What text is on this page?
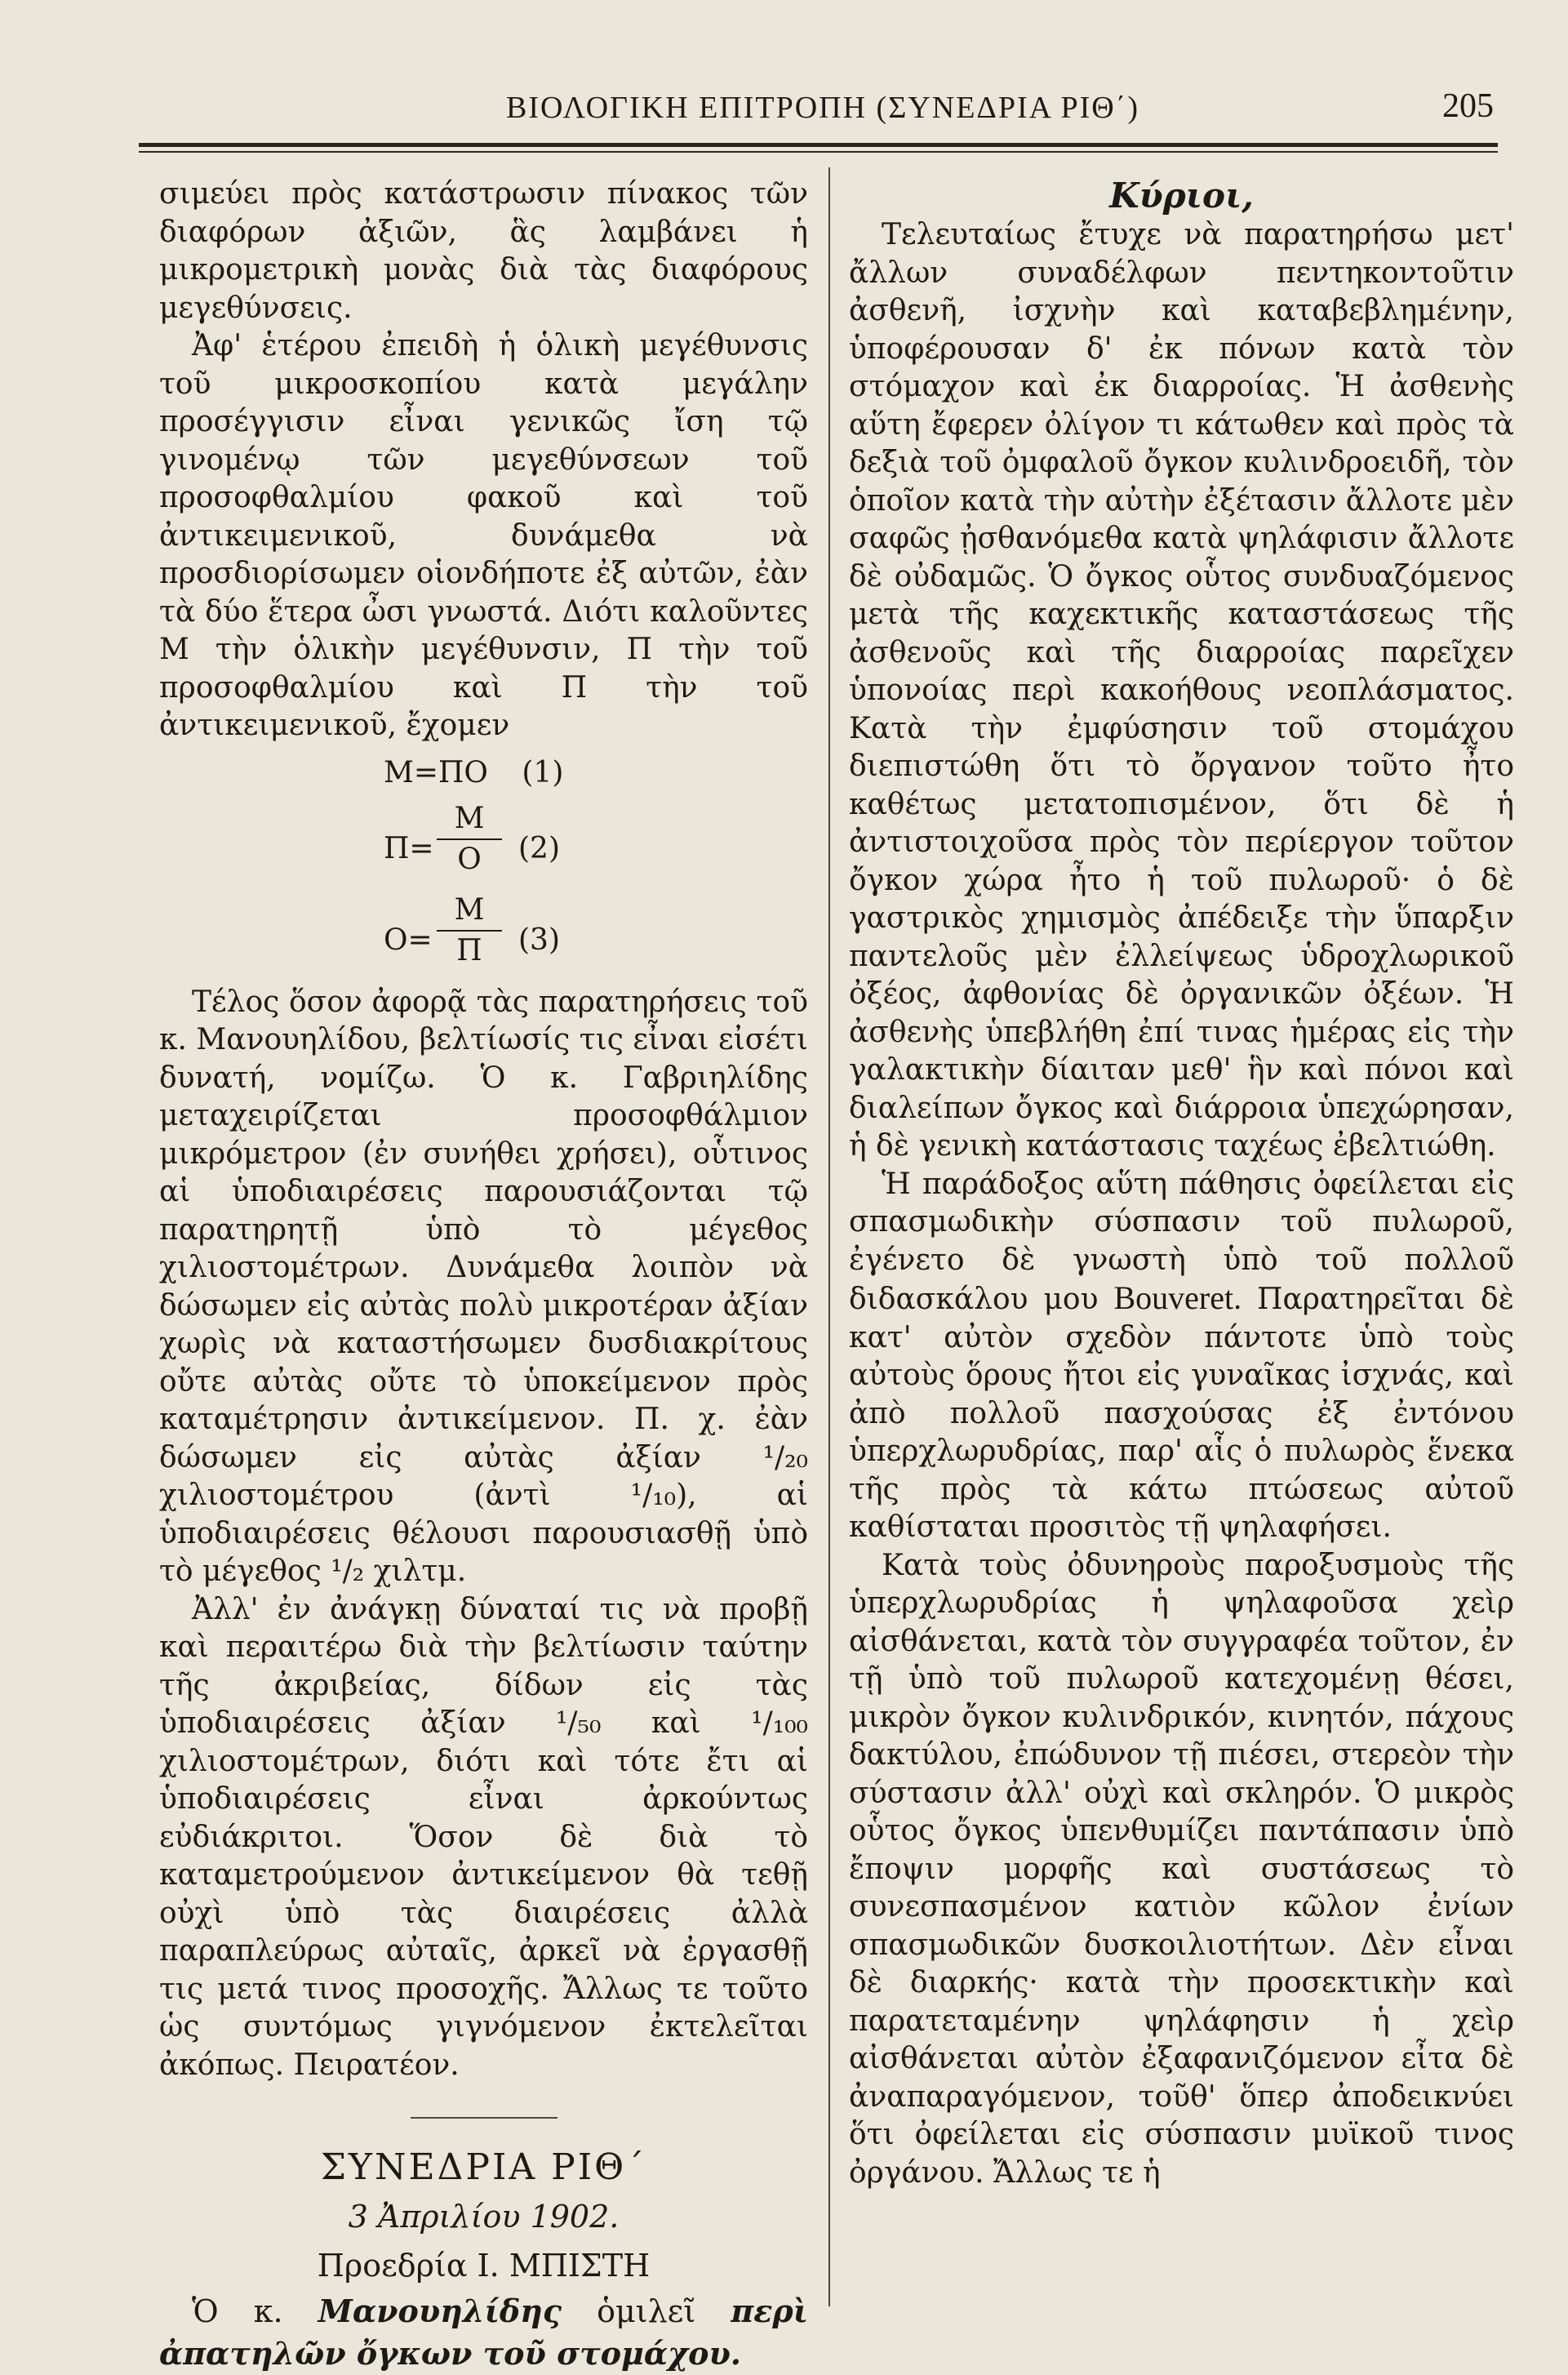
ΒΙΟΛΟΓΙΚΗ ΕΠΙΤΡΟΠΗ (ΣΥΝΕΔΡΙΑ ΡΙΘ΄)	205

σιμεύει πρὸς κατάστρωσιν πίνακος τῶν διαφόρων ἀξιῶν, ἃς λαμβάνει ἡ μικρομετρικὴ μονὰς διὰ τὰς διαφόρους μεγεθύνσεις.

Ἀφ' ἑτέρου ἐπειδὴ ἡ ὁλικὴ μεγέθυνσις τοῦ μικροσκοπίου κατὰ μεγάλην προσέγγισιν εἶναι γενικῶς ἴση τῷ γινομένῳ τῶν μεγεθύνσεων τοῦ προσοφθαλμίου φακοῦ καὶ τοῦ ἀντικειμενικοῦ, δυνάμεθα νὰ προσδιορίσωμεν οἱονδήποτε ἐξ αὐτῶν, ἐὰν τὰ δύο ἕτερα ὦσι γνωστά. Διότι καλοῦντες Μ τὴν ὁλικὴν μεγέθυνσιν, Π τὴν τοῦ προσοφθαλμίου καὶ Π τὴν τοῦ ἀντικειμενικοῦ, ἔχομεν

Μ=ΠΟ (1)
Π=
Μ
Ο	(2)
Ο=
Μ
Π	(3)

Τέλος ὅσον ἀφορᾷ τὰς παρατηρήσεις τοῦ κ. Μανουηλίδου, βελτίωσίς τις εἶναι εἰσέτι δυνατή, νομίζω. Ὁ κ. Γαβριηλίδης μεταχειρίζεται προσοφθάλμιον μικρόμετρον (ἐν συνήθει χρήσει), οὗτινος αἱ ὑποδιαιρέσεις παρουσιάζονται τῷ παρατηρητῇ ὑπὸ τὸ μέγεθος χιλιοστομέτρων. Δυνάμεθα λοιπὸν νὰ δώσωμεν εἰς αὐτὰς πολὺ μικροτέραν ἀξίαν χωρὶς νὰ καταστήσωμεν δυσδιακρίτους οὔτε αὐτὰς οὔτε τὸ ὑποκείμενον πρὸς καταμέτρησιν ἀντικείμενον. Π. χ. ἐὰν δώσωμεν εἰς αὐτὰς ἀξίαν ¹/₂₀ χιλιοστομέτρου (ἀντὶ ¹/₁₀), αἱ ὑποδιαιρέσεις θέλουσι παρουσιασθῇ ὑπὸ τὸ μέγεθος ¹/₂ χιλτμ.

Ἀλλ' ἐν ἀνάγκῃ δύναταί τις νὰ προβῇ καὶ περαιτέρω διὰ τὴν βελτίωσιν ταύτην τῆς ἀκριβείας, δίδων εἰς τὰς ὑποδιαιρέσεις ἀξίαν ¹/₅₀ καὶ ¹/₁₀₀ χιλιοστομέτρων, διότι καὶ τότε ἔτι αἱ ὑποδιαιρέσεις εἶναι ἀρκούντως εὐδιάκριτοι. Ὅσον δὲ διὰ τὸ καταμετρούμενον ἀντικείμενον θὰ τεθῇ οὐχὶ ὑπὸ τὰς διαιρέσεις ἀλλὰ παραπλεύρως αὐταῖς, ἀρκεῖ νὰ ἐργασθῇ τις μετά τινος προσοχῆς. Ἄλλως τε τοῦτο ὡς συντόμως γιγνόμενον ἐκτελεῖται ἀκόπως. Πειρατέον.

ΣΥΝΕΔΡΙΑ ΡΙΘ΄

3 Ἀπριλίου 1902.

Προεδρία Ι. ΜΠΙΣΤΗ

Ὁ κ. Μανουηλίδης ὁμιλεῖ περὶ ἀπατηλῶν ὄγκων τοῦ στομάχου.

Κύριοι,

Τελευταίως ἔτυχε νὰ παρατηρήσω μετ' ἄλλων συναδέλφων πεντηκοντοῦτιν ἀσθενῆ, ἰσχνὴν καὶ καταβεβλημένην, ὑποφέρουσαν δ' ἐκ πόνων κατὰ τὸν στόμαχον καὶ ἐκ διαρροίας. Ἡ ἀσθενὴς αὕτη ἔφερεν ὀλίγον τι κάτωθεν καὶ πρὸς τὰ δεξιὰ τοῦ ὀμφαλοῦ ὄγκον κυλινδροειδῆ, τὸν ὁποῖον κατὰ τὴν αὐτὴν ἐξέτασιν ἄλλοτε μὲν σαφῶς ᾐσθανόμεθα κατὰ ψηλάφισιν ἄλλοτε δὲ οὐδαμῶς. Ὁ ὄγκος οὗτος συνδυαζόμενος μετὰ τῆς καχεκτικῆς καταστάσεως τῆς ἀσθενοῦς καὶ τῆς διαρροίας παρεῖχεν ὑπονοίας περὶ κακοήθους νεοπλάσματος. Κατὰ τὴν ἐμφύσησιν τοῦ στομάχου διεπιστώθη ὅτι τὸ ὄργανον τοῦτο ἦτο καθέτως μετατοπισμένον, ὅτι δὲ ἡ ἀντιστοιχοῦσα πρὸς τὸν περίεργον τοῦτον ὄγκον χώρα ἦτο ἡ τοῦ πυλωροῦ· ὁ δὲ γαστρικὸς χημισμὸς ἀπέδειξε τὴν ὕπαρξιν παντελοῦς μὲν ἐλλείψεως ὑδροχλωρικοῦ ὀξέος, ἀφθονίας δὲ ὀργανικῶν ὀξέων. Ἡ ἀσθενὴς ὑπεβλήθη ἐπί τινας ἡμέρας εἰς τὴν γαλακτικὴν δίαιταν μεθ' ἣν καὶ πόνοι καὶ διαλείπων ὄγκος καὶ διάρροια ὑπεχώρησαν, ἡ δὲ γενικὴ κατάστασις ταχέως ἐβελτιώθη.

Ἡ παράδοξος αὕτη πάθησις ὀφείλεται εἰς σπασμωδικὴν σύσπασιν τοῦ πυλωροῦ, ἐγένετο δὲ γνωστὴ ὑπὸ τοῦ πολλοῦ διδασκάλου μου Bouveret. Παρατηρεῖται δὲ κατ' αὐτὸν σχεδὸν πάντοτε ὑπὸ τοὺς αὐτοὺς ὅρους ἤτοι εἰς γυναῖκας ἰσχνάς, καὶ ἀπὸ πολλοῦ πασχούσας ἐξ ἐντόνου ὑπερχλωρυδρίας, παρ' αἷς ὁ πυλωρὸς ἕνεκα τῆς πρὸς τὰ κάτω πτώσεως αὐτοῦ καθίσταται προσιτὸς τῇ ψηλαφήσει.

Κατὰ τοὺς ὀδυνηροὺς παροξυσμοὺς τῆς ὑπερχλωρυδρίας ἡ ψηλαφοῦσα χεὶρ αἰσθάνεται, κατὰ τὸν συγγραφέα τοῦτον, ἐν τῇ ὑπὸ τοῦ πυλωροῦ κατεχομένῃ θέσει, μικρὸν ὄγκον κυλινδρικόν, κινητόν, πάχους δακτύλου, ἐπώδυνον τῇ πιέσει, στερεὸν τὴν σύστασιν ἀλλ' οὐχὶ καὶ σκληρόν. Ὁ μικρὸς οὗτος ὄγκος ὑπενθυμίζει παντάπασιν ὑπὸ ἔποψιν μορφῆς καὶ συστάσεως τὸ συνεσπασμένον κατιὸν κῶλον ἐνίων σπασμωδικῶν δυσκοιλιοτήτων. Δὲν εἶναι δὲ διαρκής· κατὰ τὴν προσεκτικὴν καὶ παρατεταμένην ψηλάφησιν ἡ χεὶρ αἰσθάνεται αὐτὸν ἐξαφανιζόμενον εἶτα δὲ ἀναπαραγόμενον, τοῦθ' ὅπερ ἀποδεικνύει ὅτι ὀφείλεται εἰς σύσπασιν μυϊκοῦ τινος ὀργάνου. Ἄλλως τε ἡ
